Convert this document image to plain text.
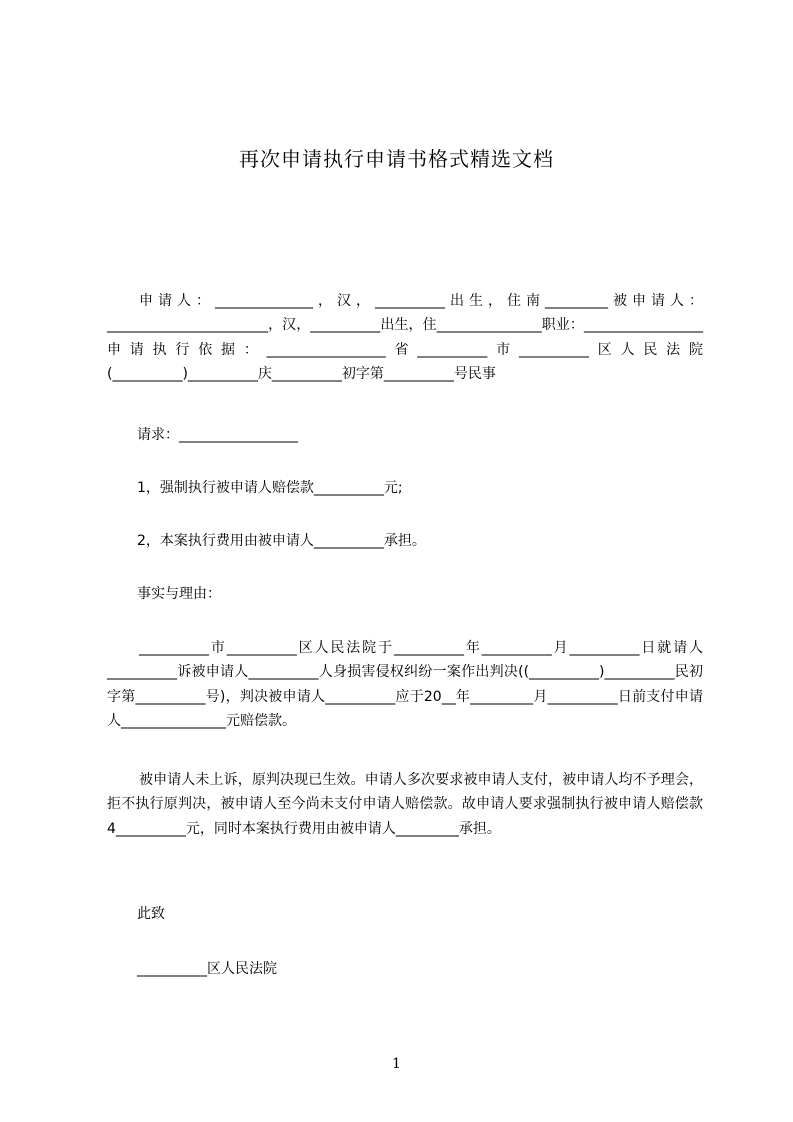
再次申请执行申请书格式精选文档

申请人：______________，汉，__________出生，住南_________被申请人：_______________________，汉，__________出生，住_______________职业：_________________申请执行依据：_________________省__________市__________区人民法院(__________)__________庆__________初字第__________号民事

请求：_________________

1，强制执行被申请人赔偿款__________元;

2，本案执行费用由被申请人__________承担。

事实与理由：

__________市__________区人民法院于__________年__________月__________日就请人__________诉被申请人__________人身损害侵权纠纷一案作出判决((__________)__________民初字第__________号)，判决被申请人__________应于20__年_________月__________日前支付申请人_______________元赔偿款。

被申请人未上诉，原判决现已生效。申请人多次要求被申请人支付，被申请人均不予理会，拒不执行原判决，被申请人至今尚未支付申请人赔偿款。故申请人要求强制执行被申请人赔偿款4__________元，同时本案执行费用由被申请人_________承担。

此致

__________区人民法院

1
